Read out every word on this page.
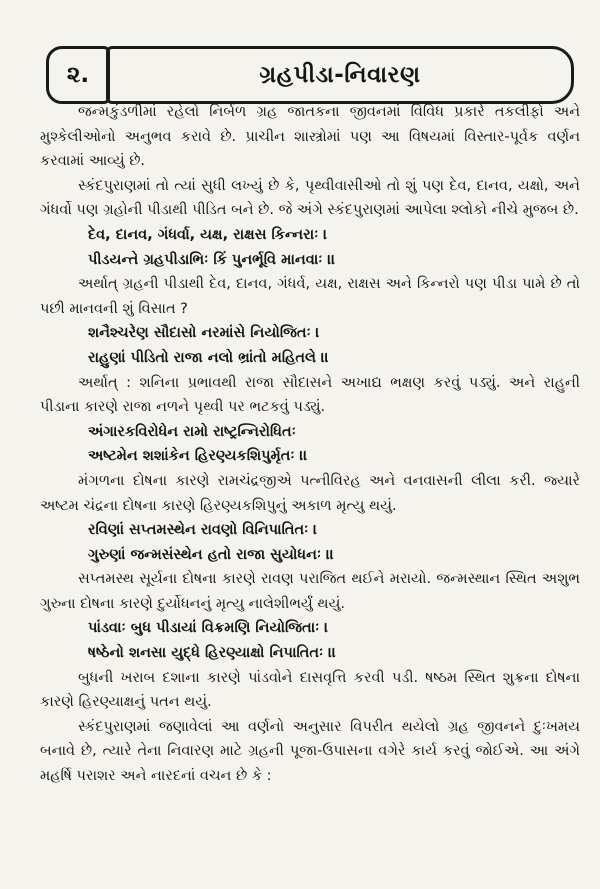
૨.	ગ્રહપીડા-નિવારણ

જન્મકુંડળીમાં રહેલો નિર્બળ ગ્રહ જાતકના જીવનમાં વિવિધ પ્રકારે તકલીફો અને મુશ્કેલીઓનો અનુભવ કરાવે છે. પ્રાચીન શાસ્ત્રોમાં પણ આ વિષયમાં વિસ્તાર-પૂર્વક વર્ણન કરવામાં આવ્યું છે.

સ્કંદપુરાણમાં તો ત્યાં સુધી લખ્યું છે કે, પૃથ્વીવાસીઓ તો શું પણ દેવ, દાનવ, યક્ષો, અને ગંધર્વો પણ ગ્રહોની પીડાથી પીડિત બને છે. જે અંગે સ્કંદપુરાણમાં આપેલા શ્લોકો નીચે મુજબ છે.

દેવ, દાનવ, ગંધર્વા, યક્ષ, રાક્ષસ કિન્નરાઃ ।

પીડયન્તે ગ્રહપીડાભિઃ કિં પુનર્ભૂવિ માનવાઃ ।।

અર્થાત્ ગ્રહની પીડાથી દેવ, દાનવ, ગંધર્વ, યક્ષ, રાક્ષસ અને કિન્નરો પણ પીડા પામે છે તો પછી માનવની શું વિસાત ?

શનૈશ્ચરેણ સૌદાસો નરમાંસે નિયોજિતઃ ।

રાહુણાં પીડિતો રાજા નલો ભ્રાંતો મહિતલે ।।

અર્થાત્ : શનિના પ્રભાવથી રાજા સૌદાસને અખાદ્ય ભક્ષણ કરવું પડ્યું. અને રાહુની પીડાના કારણે રાજા નળને પૃથ્વી પર ભટકવું પડ્યું.

અંગારકવિરોધેન રામો રાષ્ટ્રન્નિરોધિતઃ

અષ્ટમેન શશાંકેન હિરણ્યકશિપુર્મૃતઃ ।।

મંગળના દોષના કારણે રામચંદ્રજીએ પત્નીવિરહ અને વનવાસની લીલા કરી. જ્યારે અષ્ટમ ચંદ્રના દોષના કારણે હિરણ્યકશિપુનું અકાળ મૃત્યુ થયું.

રવિણાં સપ્તમસ્થેન રાવણો વિનિપાતિતઃ ।

ગુરુણાં જન્મસંસ્થેન હતો રાજા સુયોધનઃ ।।

સપ્તમસ્થ સૂર્યના દોષના કારણે રાવણ પરાજિત થઈને મરાયો. જન્મસ્થાન સ્થિત અશુભ ગુરુના દોષના કારણે દુર્યોધનનું મૃત્યુ નાલેશીભર્યું થયું.

પાંડવાઃ બુધ પીડાયાં વિક્રમણિ નિયોજિતાઃ ।

ષષ્ઠેનો શનસા યુદ્ધે હિરણ્યાક્ષો નિપાતિતઃ ।।

બુધની ખરાબ દશાના કારણે પાંડવોને દાસવૃત્તિ કરવી પડી. ષષ્ઠમ સ્થિત શુક્રના દોષના કારણે હિરણ્યાક્ષનું પતન થયું.

સ્કંદપુરાણમાં જણાવેલાં આ વર્ણનો અનુસાર વિપરીત થયેલો ગ્રહ જીવનને દુઃખમય બનાવે છે, ત્યારે તેના નિવારણ માટે ગ્રહની પૂજા-ઉપાસના વગેરે કાર્ય કરવું જોઈએ. આ અંગે મહર્ષિ પરાશર અને નારદનાં વચન છે કે :
